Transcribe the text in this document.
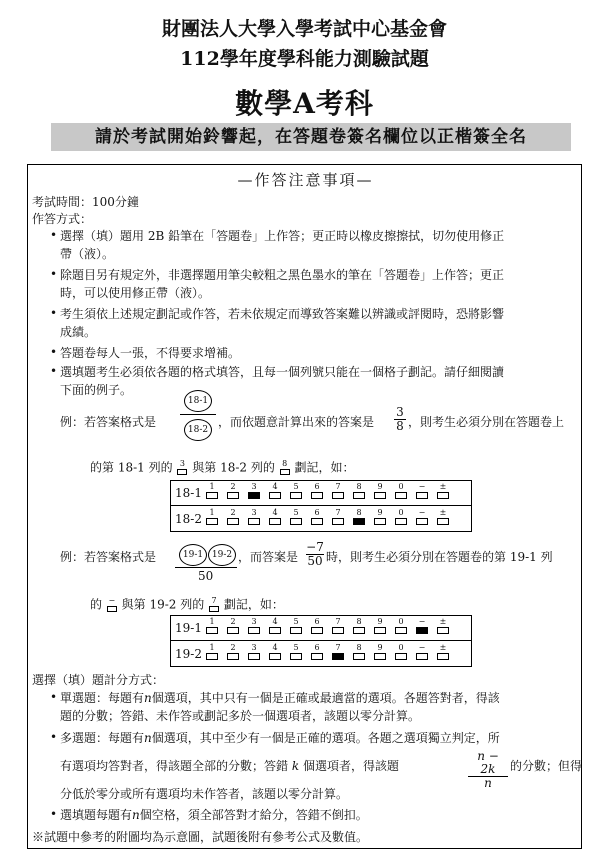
財團法人大學入學考試中心基金會
112學年度學科能力測驗試題
數學A考科
請於考試開始鈴響起，在答題卷簽名欄位以正楷簽全名
—作答注意事項—
考試時間：100分鐘
作答方式：
• 選擇（填）題用 2B 鉛筆在「答題卷」上作答；更正時以橡皮擦擦拭，切勿使用修正
帶（液）。
• 除題目另有規定外，非選擇題用筆尖較粗之黑色墨水的筆在「答題卷」上作答；更正
時，可以使用修正帶（液）。
• 考生須依上述規定劃記或作答，若未依規定而導致答案難以辨識或評閱時，恐將影響
成績。
• 答題卷每人一張，不得要求增補。
• 選填題考生必須依各題的格式填答，且每一個列號只能在一個格子劃記。請仔細閱讀
下面的例子。
例：若答案格式是
18-1
18-2
，而依題意計算出來的答案是 $\frac{3}{8}$ ，則考生必須分別在答題卷上
的第 18-1 列的 3 與第 18-2 列的 8 劃記，如：
18-1 1	2	3	4	5	6	7	8	9	0	−	±
18-2 1	2	3	4	5	6	7	8	9	0	−	±
例：若答案格式是	19-1 19-2
50
，而答案是 $\frac{-7}{50}$ 時，則考生必須分別在答題卷的第 19-1 列
的 − 與第 19-2 列的 7 劃記，如：
19-1 1	2	3	4	5	6	7	8	9	0	−	±
19-2 1	2	3	4	5	6	7	8	9	0	−	±
選擇（填）題計分方式：
• 單選題：每題有n個選項，其中只有一個是正確或最適當的選項。各題答對者，得該
題的分數；答錯、未作答或劃記多於一個選項者，該題以零分計算。
• 多選題：每題有n個選項，其中至少有一個是正確的選項。各題之選項獨立判定，所
有選項均答對者，得該題全部的分數；答錯 k 個選項者，得該題	$\frac{n - 2k}{n}$ 的分數；但得
分低於零分或所有選項均未作答者，該題以零分計算。
• 選填題每題有n個空格，須全部答對才給分，答錯不倒扣。
※試題中參考的附圖均為示意圖，試題後附有參考公式及數值。
